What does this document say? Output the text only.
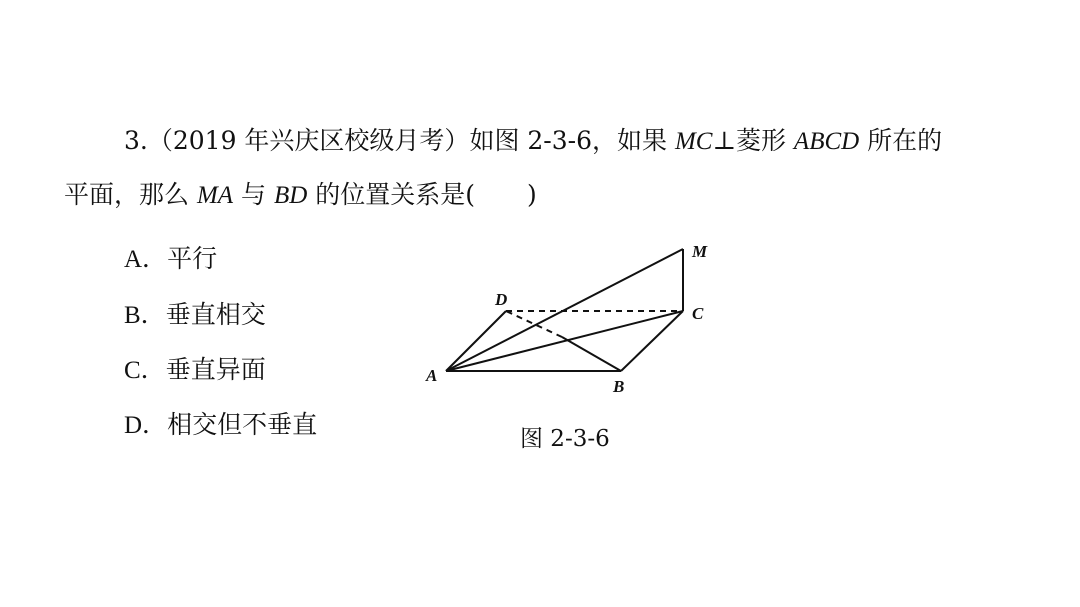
3.（2019 年兴庆区校级月考）如图 2-3-6，如果 MC⊥菱形 ABCD 所在的
平面，那么 MA 与 BD 的位置关系是( )
A．平行
B．垂直相交
C．垂直异面
D．相交但不垂直
M
C
D
A
B
图 2-3-6
